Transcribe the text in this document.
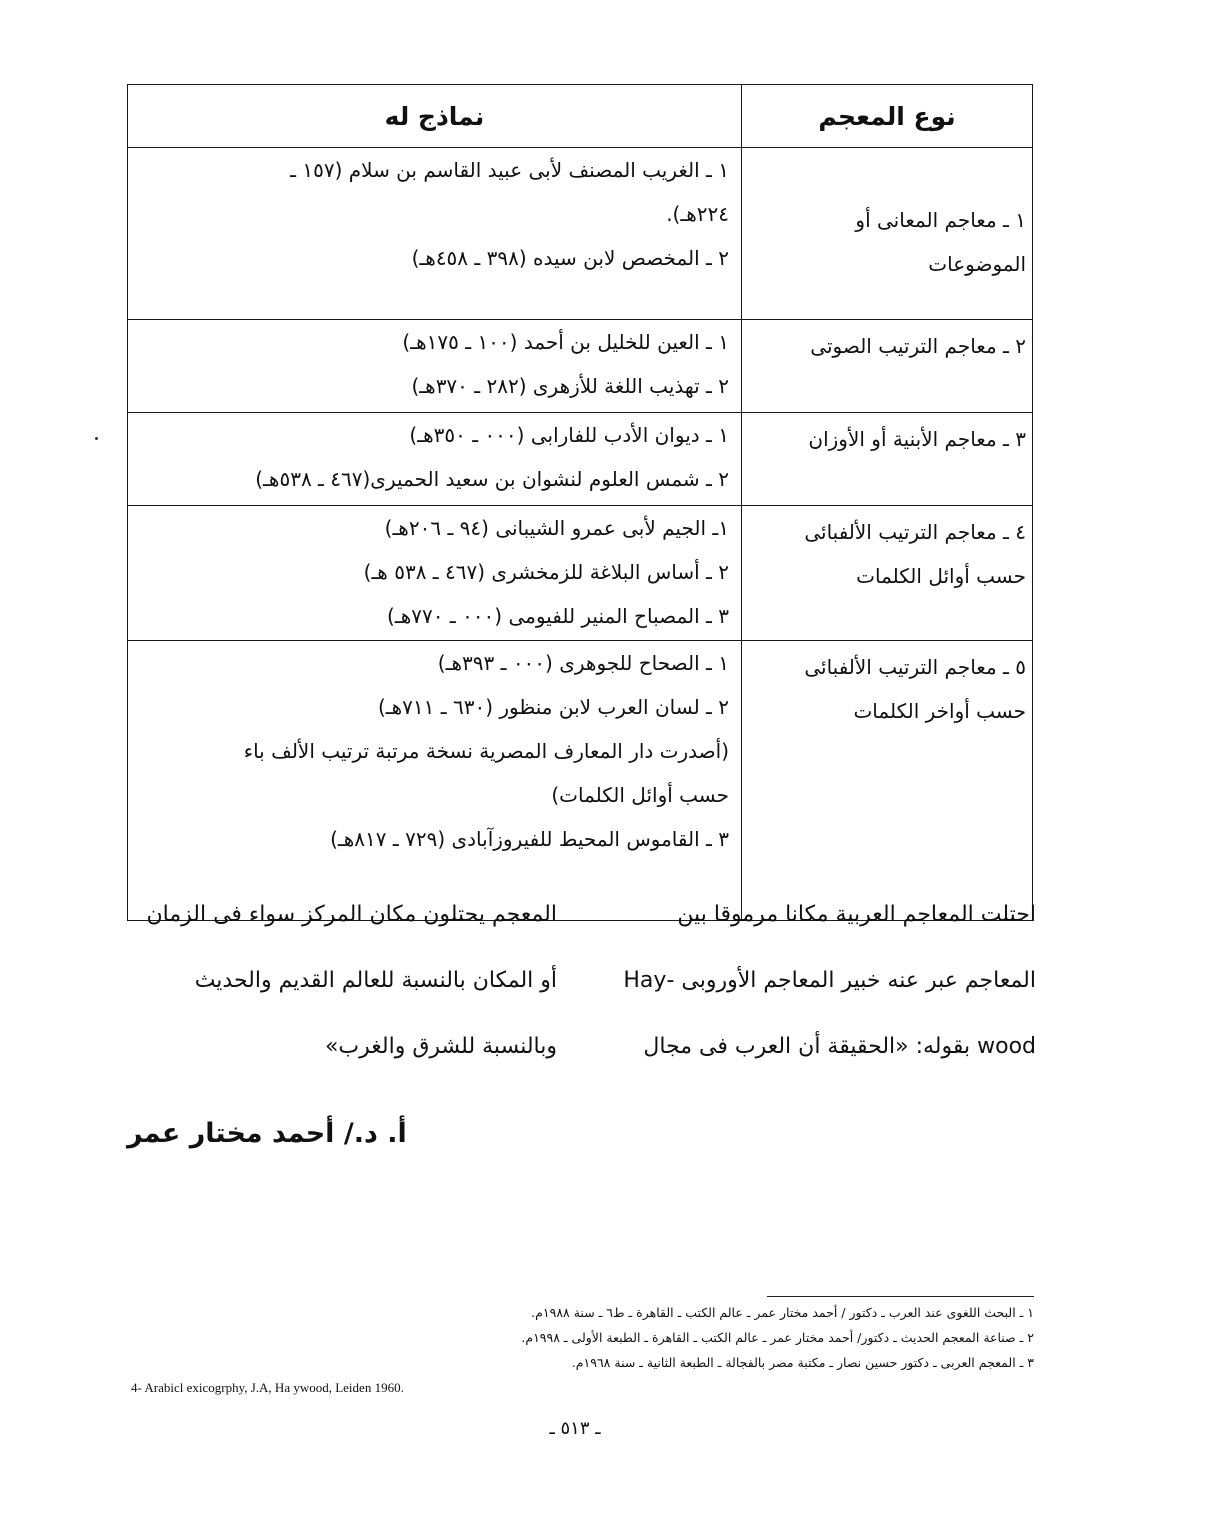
نوع المعجم	نماذج له

١ ـ معاجم المعانى أو
الموضوعات	١ ـ الغريب المصنف لأبى عبيد القاسم بن سلام (١٥٧ ـ
٢٢٤هـ).
٢ ـ المخصص لابن سيده (٣٩٨ ـ ٤٥٨هـ)

٢ ـ معاجم الترتيب الصوتى	١ ـ العين للخليل بن أحمد (١٠٠ ـ ١٧٥هـ)
٢ ـ تهذيب اللغة للأزهرى (٢٨٢ ـ ٣٧٠هـ)

٣ ـ معاجم الأبنية أو الأوزان	١ ـ ديوان الأدب للفارابى (٠٠٠ ـ ٣٥٠هـ)
٢ ـ شمس العلوم لنشوان بن سعيد الحميرى(٤٦٧ ـ ٥٣٨هـ)

٤ ـ معاجم الترتيب الألفبائى
حسب أوائل الكلمات	١ـ الجيم لأبى عمرو الشيبانى (٩٤ ـ ٢٠٦هـ)
٢ ـ أساس البلاغة للزمخشرى (٤٦٧ ـ ٥٣٨ هـ)
٣ ـ المصباح المنير للفيومى (٠٠٠ ـ ٧٧٠هـ)

٥ ـ معاجم الترتيب الألفبائى
حسب أواخر الكلمات	١ ـ الصحاح للجوهرى (٠٠٠ ـ ٣٩٣هـ)
٢ ـ لسان العرب لابن منظور (٦٣٠ ـ ٧١١هـ)
(أصدرت دار المعارف المصرية نسخة مرتبة ترتيب الألف باء
حسب أوائل الكلمات)
٣ ـ القاموس المحيط للفيروزآبادى (٧٢٩ ـ ٨١٧هـ)
احتلت المعاجم العربية مكانا مرموقا بين
المعاجم عبر عنه خبير المعاجم الأوروبى -Hay
wood بقوله: «الحقيقة أن العرب فى مجال
المعجم يحتلون مكان المركز سواء فى الزمان
أو المكان بالنسبة للعالم القديم والحديث
وبالنسبة للشرق والغرب»
أ. د./ أحمد مختار عمر
١ ـ البحث اللغوى عند العرب ـ دكتور / أحمد مختار عمر ـ عالم الكتب ـ القاهرة ـ ط٦ ـ سنة ١٩٨٨م.
٢ ـ صناعة المعجم الحديث ـ دكتور/ أحمد مختار عمر ـ عالم الكتب ـ القاهرة ـ الطبعة الأولى ـ ١٩٩٨م.
٣ ـ المعجم العربى ـ دكتور حسين نصار ـ مكتبة مصر بالفجالة ـ الطبعة الثانية ـ سنة ١٩٦٨م.
4- Arabicl exicogrphy, J.A, Ha ywood, Leiden 1960.
ـ ٥١٣ ـ
